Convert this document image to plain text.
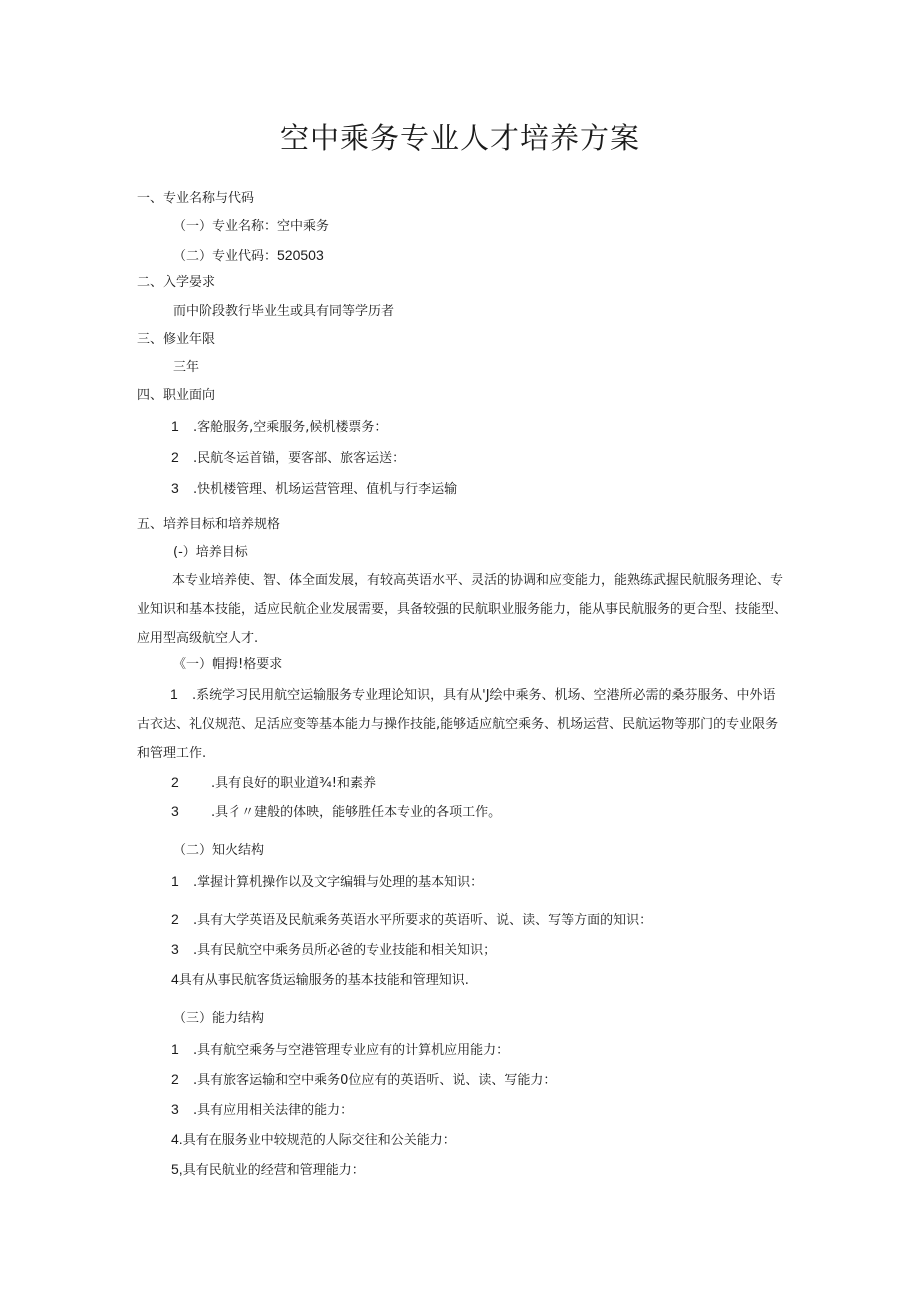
空中乘务专业人才培养方案
一、专业名称与代码
（一）专业名称：空中乘务
（二）专业代码：520503
二、入学晏求
而中阶段教行毕业生或具有同等学历者
三、修业年限
三年
四、职业面向
1 .客舱服务,空乘服务,候机楼票务：
2 .民航冬运首锚，要客部、旅客运送：
3 .快机楼管理、机场运营管理、值机与行李运输
五、培养目标和培养规格
(-）培养目标
本专业培养使、智、体全面发展，有较高英语水平、灵活的协调和应变能力，能熟练武握民航服务理论、专业知识和基本技能，适应民航企业发展需要，具备较强的民航职业服务能力，能从事民航服务的更合型、技能型、应用型高级航空人才.
《一）帽拇!格要求
1 .系统学习民用航空运输服务专业理论知识，具有从'J绘中乘务、机场、空港所必需的桑芬服务、中外语古衣达、礼仪规范、足活应变等基本能力与操作技能,能够适应航空乘务、机场运营、民航运物等那门的专业限务和管理工作.
2 .具有良好的职业道¾!和素养
3 .具彳〃建般的体映，能够胜任本专业的各项工作。
（二）知火结构
1 .掌握计算机操作以及文字编辑与处理的基本知识：
2 .具有大学英语及民航乘务英语水平所要求的英语听、说、读、写等方面的知识：
3 .具有民航空中乘务员所必爸的专业技能和相关知识；
4具有从事民航客货运输服务的基本技能和管理知识.
（三）能力结构
1 .具有航空乘务与空港管理专业应有的计算机应用能力：
2 .具有旅客运输和空中乘务0位应有的英语听、说、读、写能力：
3 .具有应用相关法律的能力：
4.具有在服务业中较规范的人际交往和公关能力：
5,具有民航业的经营和管理能力：
